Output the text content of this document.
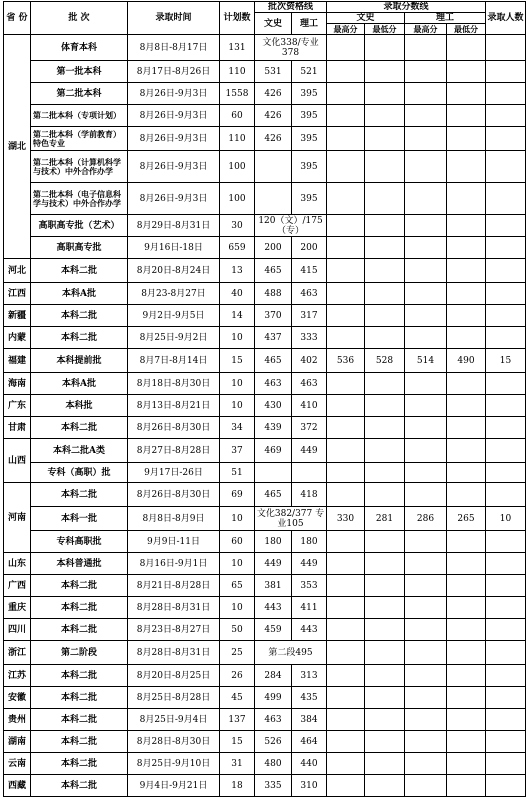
省 份	批 次	录取时间	计划数	批次资格线		录取分数线				录取人数
				文史	理工	文史		理工		
						最高分	最低分	最高分	最低分	
湖北	体育本科	8月8日-8月17日	131	文化338/专业378						
	第一批本科	8月17日-8月26日	110	531	521					
	第二批本科	8月26日-9月3日	1558	426	395					
	第二批本科（专项计划）	8月26日-9月3日	60	426	395					
	第二批本科（学前教育）特色专业	8月26日-9月3日	110	426	395					
	第二批本科（计算机科学与技术）中外合作办学	8月26日-9月3日	100		395					
	第二批本科（电子信息科学与技术）中外合作办学	8月26日-9月3日	100		395					
	高职高专批（艺术）	8月29日-8月31日	30	120（文）/175（专）						
	高职高专批	9月16日-18日	659	200	200					
河北	本科二批	8月20日-8月24日	13	465	415					
江西	本科A批	8月23-8月27日	40	488	463					
新疆	本科二批	9月2日-9月5日	14	370	317					
内蒙	本科二批	8月25日-9月2日	10	437	333					
福建	本科提前批	8月7日-8月14日	15	465	402	536	528	514	490	15
海南	本科A批	8月18日-8月30日	10	463	463					
广东	本科批	8月13日-8月21日	10	430	410					
甘肃	本科二批	8月26日-8月30日	34	439	372					
山西	本科二批A类	8月27日-8月28日	37	469	449					
	专科（高职）批	9月17日-26日	51							
河南	本科二批	8月26日-8月30日	69	465	418					
	本科一批	8月8日-8月9日	10	文化382/377 专业105		330	281	286	265	10
	专科高职批	9月9日-11日	60	180	180					
山东	本科普通批	8月16日-9月1日	10	449	449					
广西	本科二批	8月21日-8月28日	65	381	353					
重庆	本科二批	8月28日-8月31日	10	443	411					
四川	本科二批	8月23日-8月27日	50	459	443					
浙江	第二阶段	8月28日-8月31日	25	第二段495						
江苏	本科二批	8月20日-8月25日	26	284	313					
安徽	本科二批	8月25日-8月28日	45	499	435					
贵州	本科二批	8月25日-9月4日	137	463	384					
湖南	本科二批	8月28日-8月30日	15	526	464					
云南	本科二批	8月25日-9月10日	31	480	440					
西藏	本科二批	9月4日-9月21日	18	335	310					
